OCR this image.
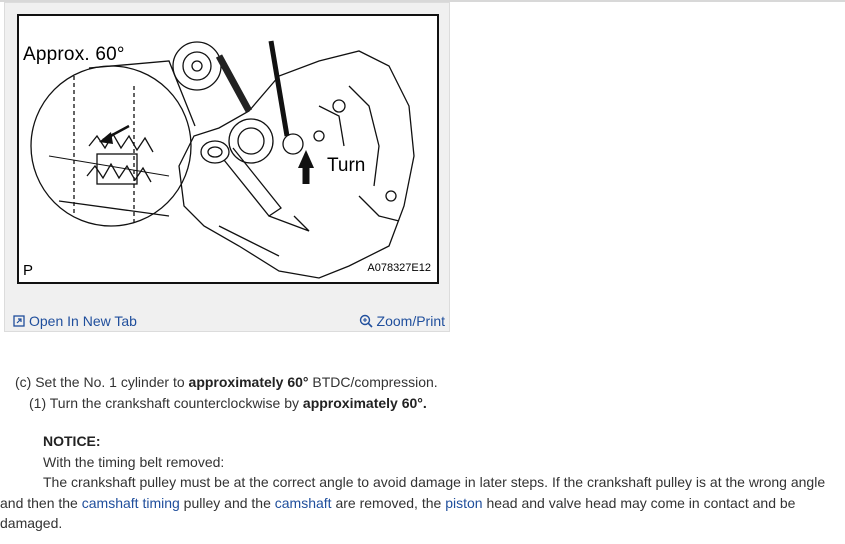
Approx. 60°
Turn
P	A078327E12
Open In New Tab	Zoom/Print
(c) Set the No. 1 cylinder to approximately 60° BTDC/compression.
(1) Turn the crankshaft counterclockwise by approximately 60°.
NOTICE:
With the timing belt removed:
The crankshaft pulley must be at the correct angle to avoid damage in later steps. If the crankshaft pulley is at the wrong angle
and then the camshaft timing pulley and the camshaft are removed, the piston head and valve head may come in contact and be
damaged.
